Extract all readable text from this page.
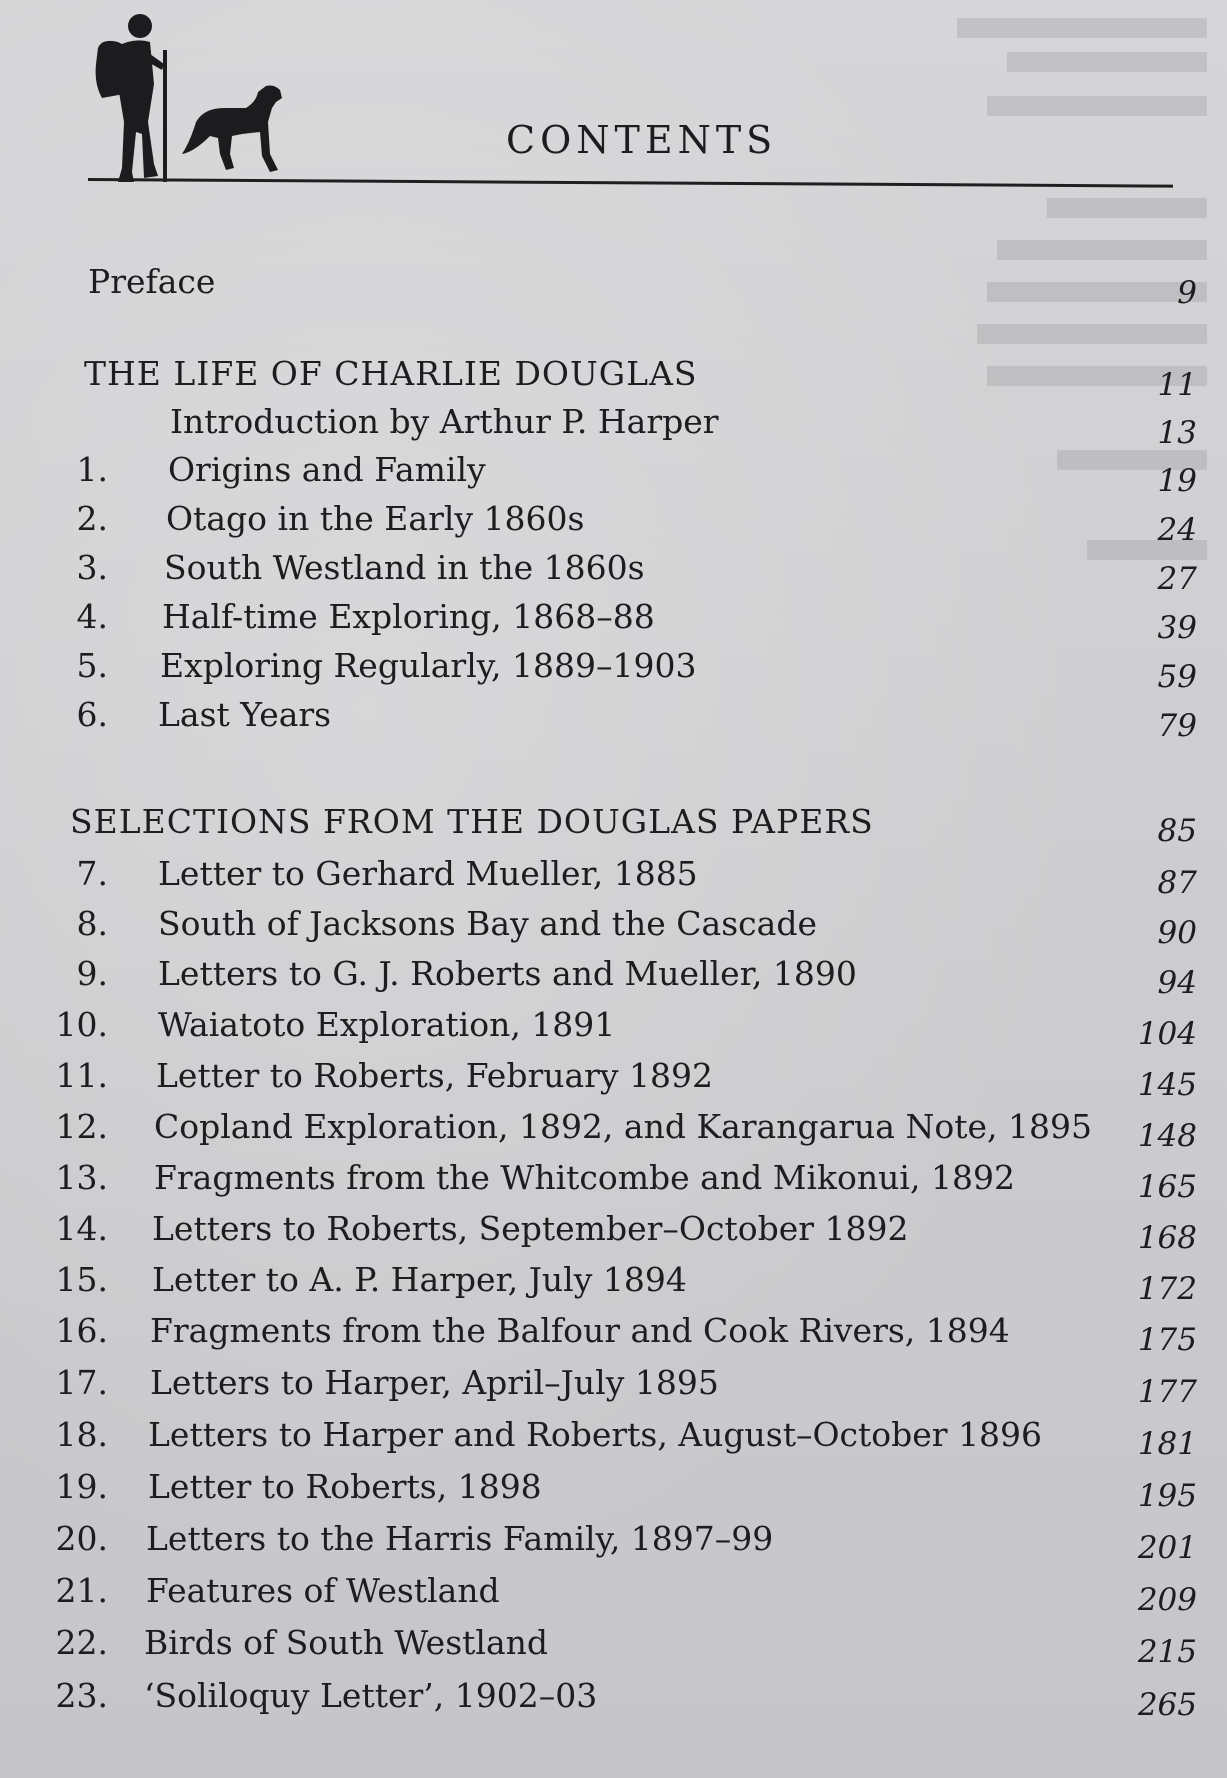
CONTENTS
Preface	9
THE LIFE OF CHARLIE DOUGLAS	11
Introduction by Arthur P. Harper	13
1.	Origins and Family	19
2.	Otago in the Early 1860s	24
3.	South Westland in the 1860s	27
4.	Half-time Exploring, 1868–88	39
5.	Exploring Regularly, 1889–1903	59
6.	Last Years	79
SELECTIONS FROM THE DOUGLAS PAPERS	85
7.	Letter to Gerhard Mueller, 1885	87
8.	South of Jacksons Bay and the Cascade	90
9.	Letters to G. J. Roberts and Mueller, 1890	94
10.	Waiatoto Exploration, 1891	104
11.	Letter to Roberts, February 1892	145
12.	Copland Exploration, 1892, and Karangarua Note, 1895	148
13.	Fragments from the Whitcombe and Mikonui, 1892	165
14.	Letters to Roberts, September–October 1892	168
15.	Letter to A. P. Harper, July 1894	172
16.	Fragments from the Balfour and Cook Rivers, 1894	175
17.	Letters to Harper, April–July 1895	177
18.	Letters to Harper and Roberts, August–October 1896	181
19.	Letter to Roberts, 1898	195
20.	Letters to the Harris Family, 1897–99	201
21.	Features of Westland	209
22.	Birds of South Westland	215
23.	‘Soliloquy Letter’, 1902–03	265
